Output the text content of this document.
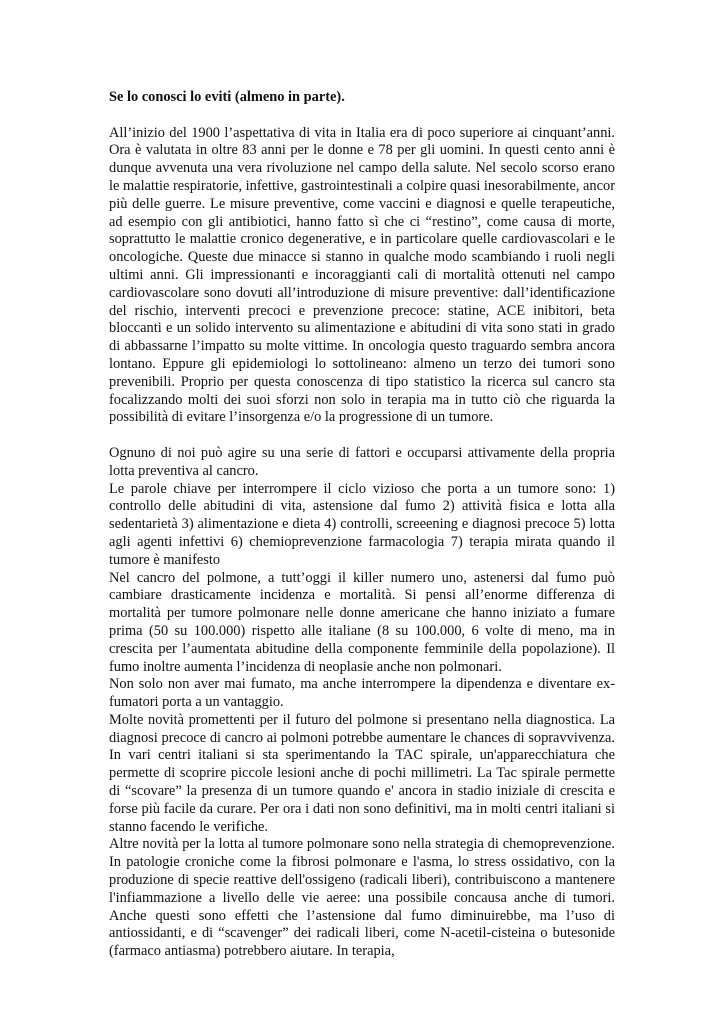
Se lo conosci lo eviti (almeno in parte).

All’inizio del 1900 l’aspettativa di vita in Italia era di poco superiore ai cinquant’anni. Ora è valutata in oltre 83 anni per le donne e 78 per gli uomini. In questi cento anni è dunque avvenuta una vera rivoluzione nel campo della salute. Nel secolo scorso erano le malattie respiratorie, infettive, gastrointestinali a colpire quasi inesorabilmente, ancor più delle guerre. Le misure preventive, come vaccini e diagnosi e quelle terapeutiche, ad esempio con gli antibiotici, hanno fatto sì che ci “restino”, come causa di morte, soprattutto le malattie cronico degenerative, e in particolare quelle cardiovascolari e le oncologiche. Queste due minacce si stanno in qualche modo scambiando i ruoli negli ultimi anni. Gli impressionanti e incoraggianti cali di mortalità ottenuti nel campo cardiovascolare sono dovuti all’introduzione di misure preventive: dall’identificazione del rischio, interventi precoci e prevenzione precoce: statine, ACE inibitori, beta bloccanti e un solido intervento su alimentazione e abitudini di vita sono stati in grado di abbassarne l’impatto su molte vittime. In oncologia questo traguardo sembra ancora lontano. Eppure gli epidemiologi lo sottolineano: almeno un terzo dei tumori sono prevenibili. Proprio per questa conoscenza di tipo statistico la ricerca sul cancro sta focalizzando molti dei suoi sforzi non solo in terapia ma in tutto ciò che riguarda la possibilità di evitare l’insorgenza e/o la progressione di un tumore.

Ognuno di noi può agire su una serie di fattori e occuparsi attivamente della propria lotta preventiva al cancro.

Le parole chiave per interrompere il ciclo vizioso che porta a un tumore sono: 1) controllo delle abitudini di vita, astensione dal fumo 2) attività fisica e lotta alla sedentarietà 3) alimentazione e dieta 4) controlli, screeening e diagnosi precoce 5) lotta agli agenti infettivi 6) chemioprevenzione farmacologia 7) terapia mirata quando il tumore è manifesto

Nel cancro del polmone, a tutt’oggi il killer numero uno, astenersi dal fumo può cambiare drasticamente incidenza e mortalità. Si pensi all’enorme differenza di mortalità per tumore polmonare nelle donne americane che hanno iniziato a fumare prima (50 su 100.000) rispetto alle italiane (8 su 100.000, 6 volte di meno, ma in crescita per l’aumentata abitudine della componente femminile della popolazione). Il fumo inoltre aumenta l’incidenza di neoplasie anche non polmonari.

Non solo non aver mai fumato, ma anche interrompere la dipendenza e diventare ex-fumatori porta a un vantaggio.

Molte novità promettenti per il futuro del polmone si presentano nella diagnostica. La diagnosi precoce di cancro ai polmoni potrebbe aumentare le chances di sopravvivenza. In vari centri italiani si sta sperimentando la TAC spirale, un'apparecchiatura che permette di scoprire piccole lesioni anche di pochi millimetri. La Tac spirale permette di “scovare” la presenza di un tumore quando e' ancora in stadio iniziale di crescita e forse più facile da curare. Per ora i dati non sono definitivi, ma in molti centri italiani si stanno facendo le verifiche.

Altre novità per la lotta al tumore polmonare sono nella strategia di chemoprevenzione. In patologie croniche come la fibrosi polmonare e l'asma, lo stress ossidativo, con la produzione di specie reattive dell'ossigeno (radicali liberi), contribuiscono a mantenere l'infiammazione a livello delle vie aeree: una possibile concausa anche di tumori. Anche questi sono effetti che l’astensione dal fumo diminuirebbe, ma l’uso di antiossidanti, e di “scavenger” dei radicali liberi, come N-acetil-cisteina o butesonide (farmaco antiasma) potrebbero aiutare. In terapia,
